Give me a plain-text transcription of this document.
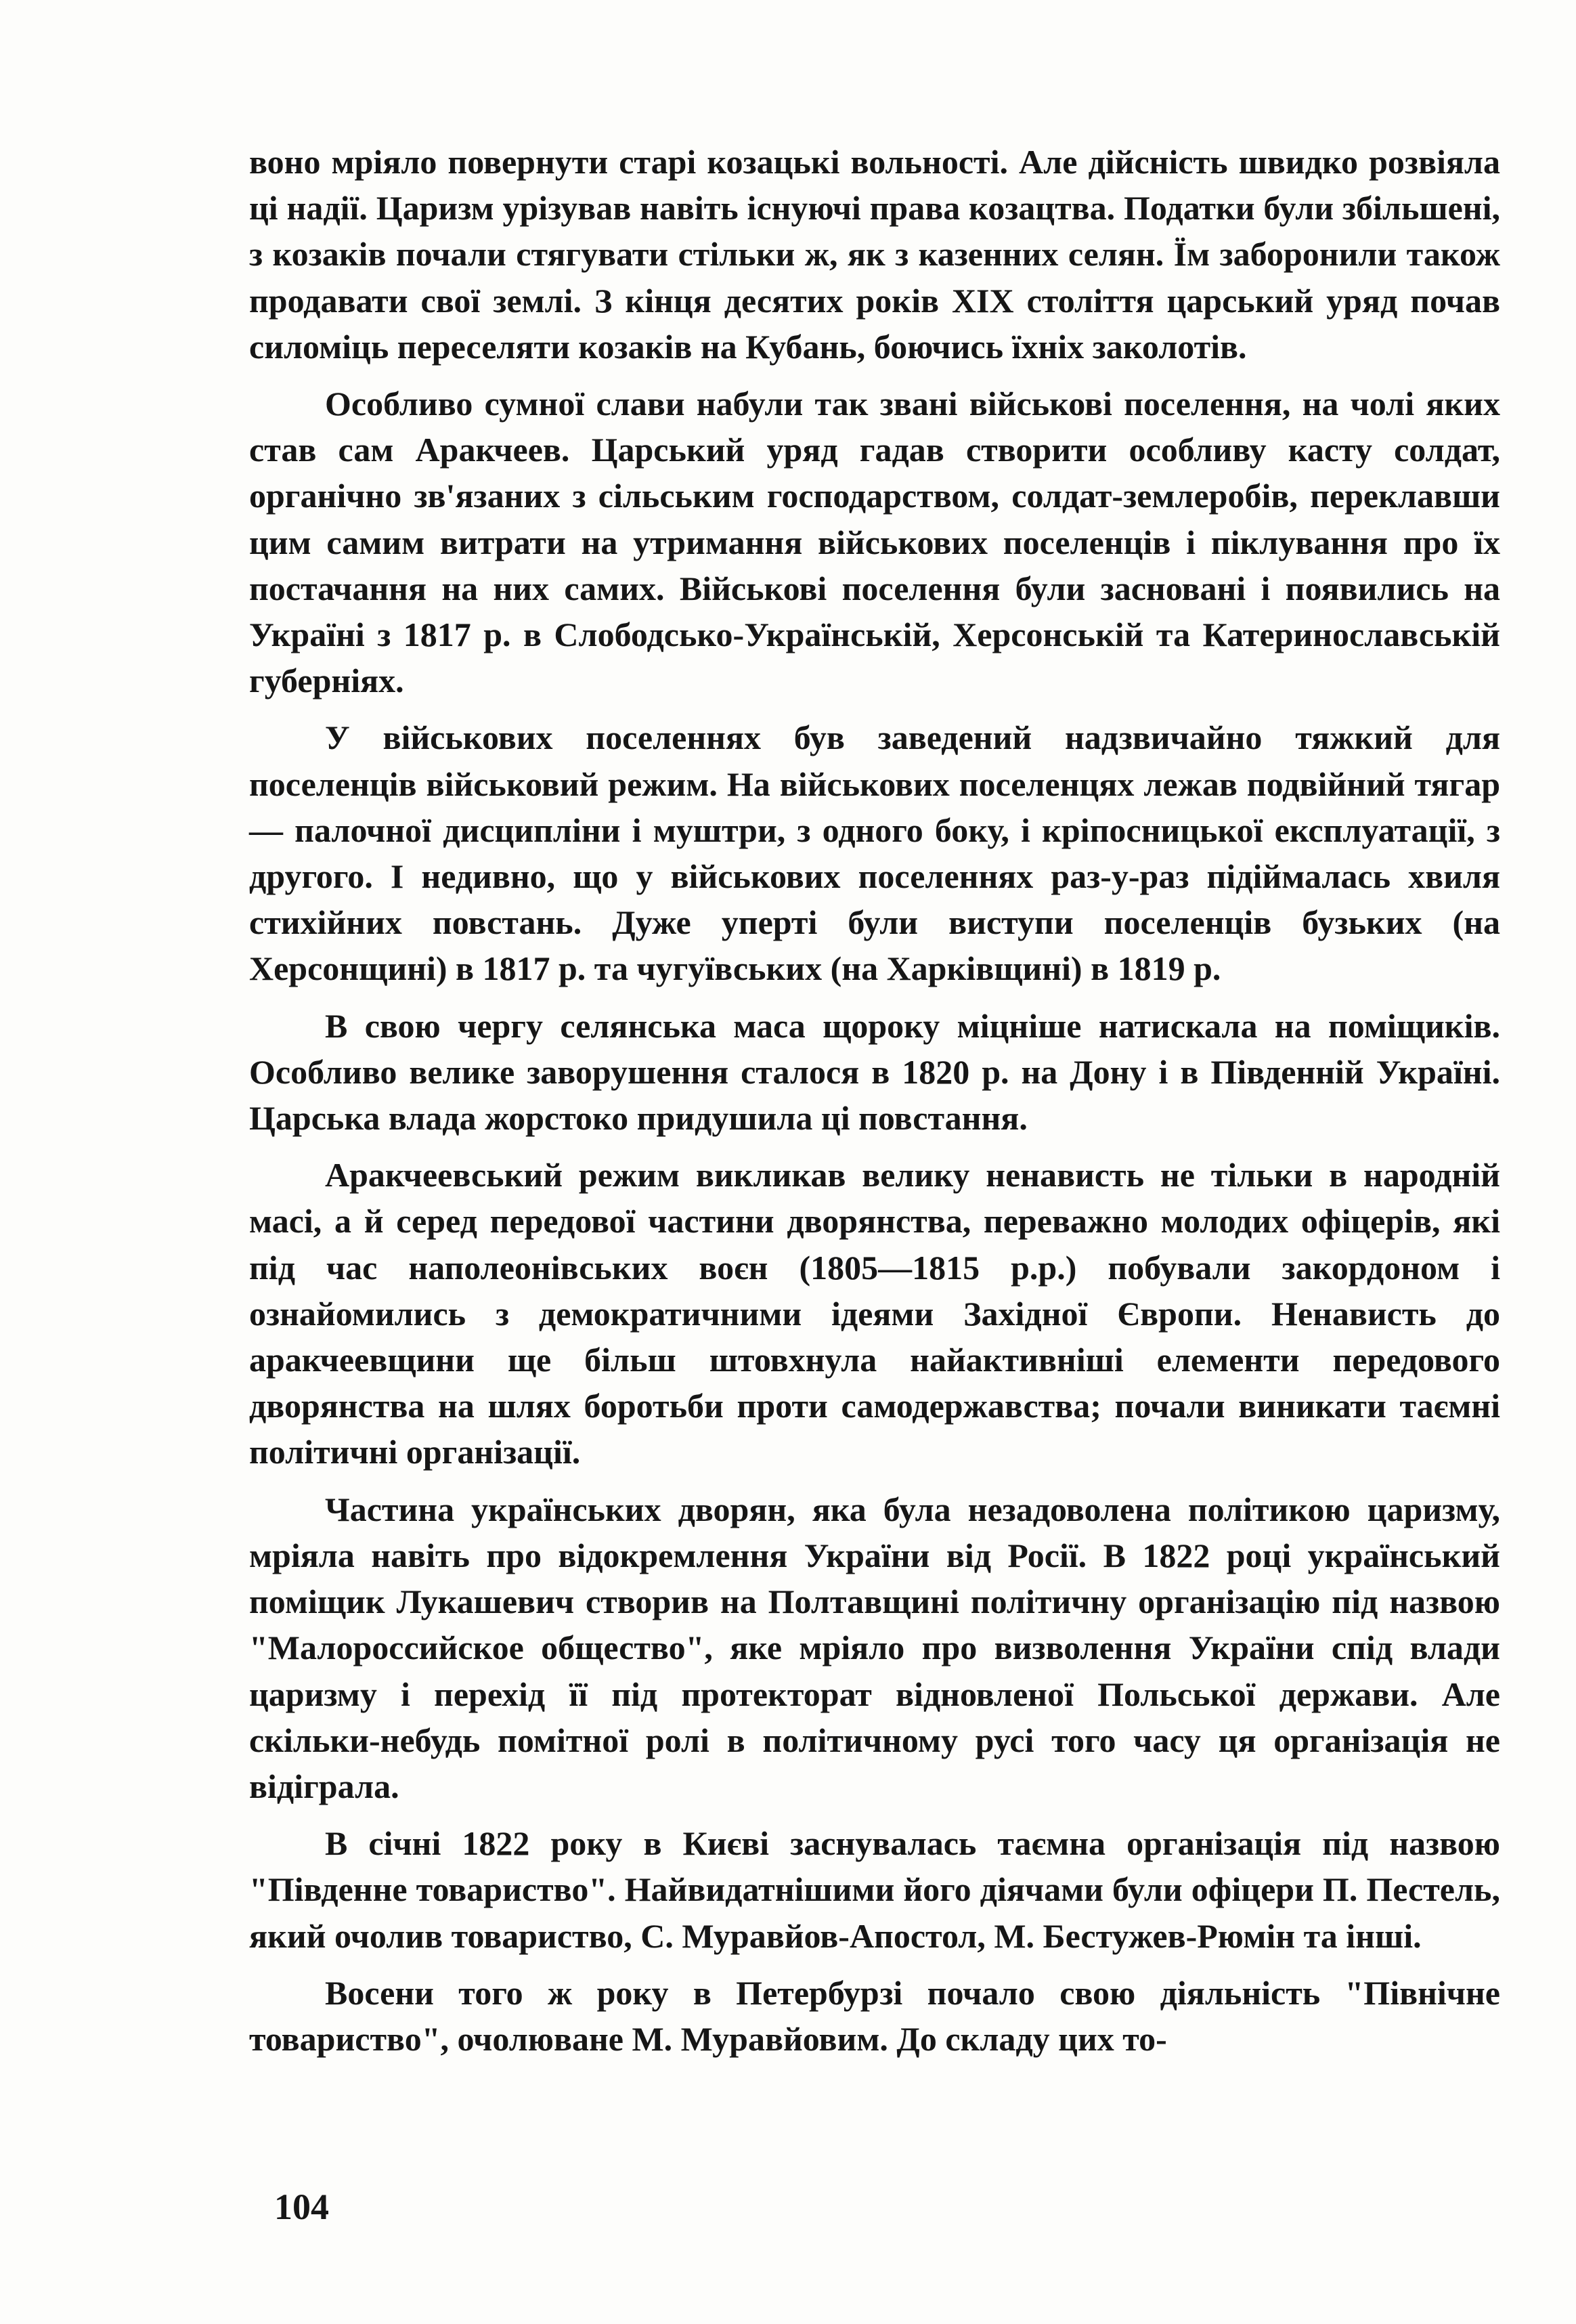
воно мріяло повернути старі козацькі вольності. Але дійсність швидко розвіяла ці надії. Царизм урізував навіть існуючі права козацтва. Податки були збільшені, з козаків почали стягувати стільки ж, як з казенних селян. Їм заборонили також продавати свої землі. З кінця десятих років XIX століття царський уряд почав силоміць переселяти козаків на Кубань, боючись їхніх заколотів.

Особливо сумної слави набули так звані військові поселення, на чолі яких став сам Аракчеев. Царський уряд гадав створити особливу касту солдат, органічно зв'язаних з сільським господарством, солдат-землеробів, переклавши цим самим витрати на утримання військових поселенців і піклування про їх постачання на них самих. Військові поселення були засновані і появились на Україні з 1817 р. в Слободсько-Українській, Херсонській та Катеринославській губерніях.

У військових поселеннях був заведений надзвичайно тяжкий для поселенців військовий режим. На військових поселенцях лежав подвійний тягар — палочної дисципліни і муштри, з одного боку, і кріпосницької експлуатації, з другого. І недивно, що у військових поселеннях раз-у-раз підіймалась хвиля стихійних повстань. Дуже уперті були виступи поселенців бузьких (на Херсонщині) в 1817 р. та чугуївських (на Харківщині) в 1819 р.

В свою чергу селянська маса щороку міцніше натискала на поміщиків. Особливо велике заворушення сталося в 1820 р. на Дону і в Південній Україні. Царська влада жорстоко придушила ці повстання.

Аракчеевський режим викликав велику ненависть не тільки в народній масі, а й серед передової частини дворянства, переважно молодих офіцерів, які під час наполеонівських воєн (1805—1815 р.р.) побували закордоном і ознайомились з демократичними ідеями Західної Європи. Ненависть до аракчеевщини ще більш штовхнула найактивніші елементи передового дворянства на шлях боротьби проти самодержавства; почали виникати таємні політичні організації.

Частина українських дворян, яка була незадоволена політикою царизму, мріяла навіть про відокремлення України від Росії. В 1822 році український поміщик Лукашевич створив на Полтавщині політичну організацію під назвою "Малороссийское общество", яке мріяло про визволення України спід влади царизму і перехід її під протекторат відновленої Польської держави. Але скільки-небудь помітної ролі в політичному русі того часу ця організація не відіграла.

В січні 1822 року в Києві заснувалась таємна організація під назвою "Південне товариство". Найвидатнішими його діячами були офіцери П. Пестель, який очолив товариство, С. Муравйов-Апостол, М. Бестужев-Рюмін та інші.

Восени того ж року в Петербурзі почало свою діяльність "Північне товариство", очолюване М. Муравйовим. До складу цих то-

104
